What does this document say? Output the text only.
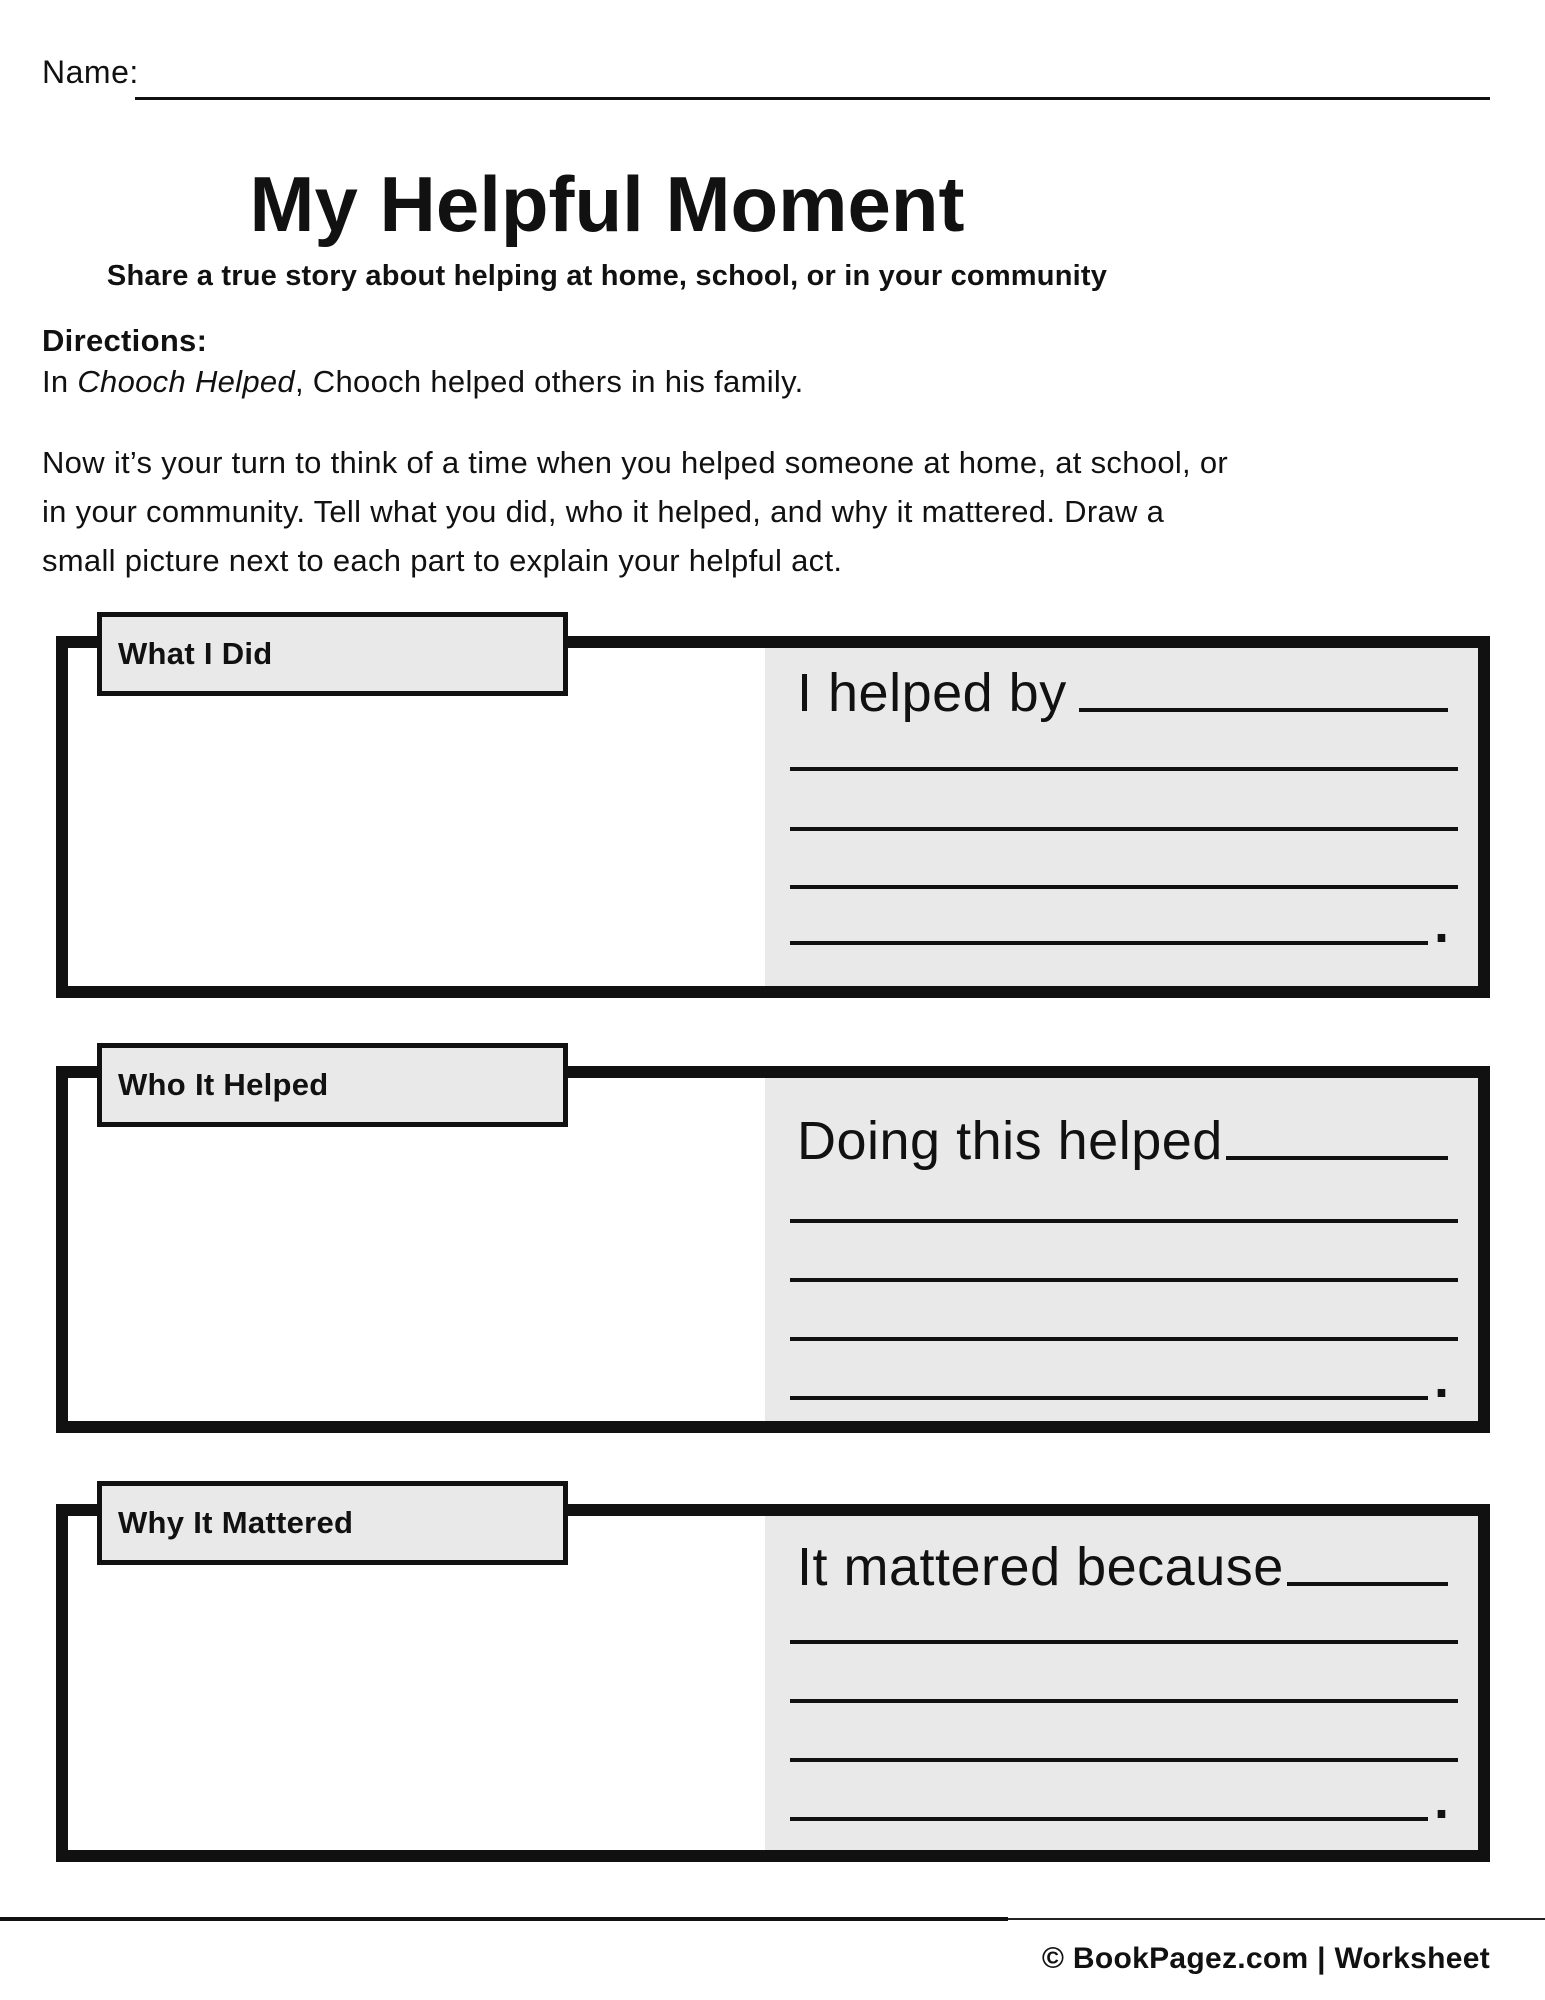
Name:
My Helpful Moment
Share a true story about helping at home, school, or in your community
Directions:
In Chooch Helped, Chooch helped others in his family.
Now it’s your turn to think of a time when you helped someone at home, at school, or
in your community. Tell what you did, who it helped, and why it mattered. Draw a
small picture next to each part to explain your helpful act.
I helped by
.
What I Did
Doing this helped
.
Who It Helped
It mattered because
.
Why It Mattered
© BookPagez.com | Worksheet
